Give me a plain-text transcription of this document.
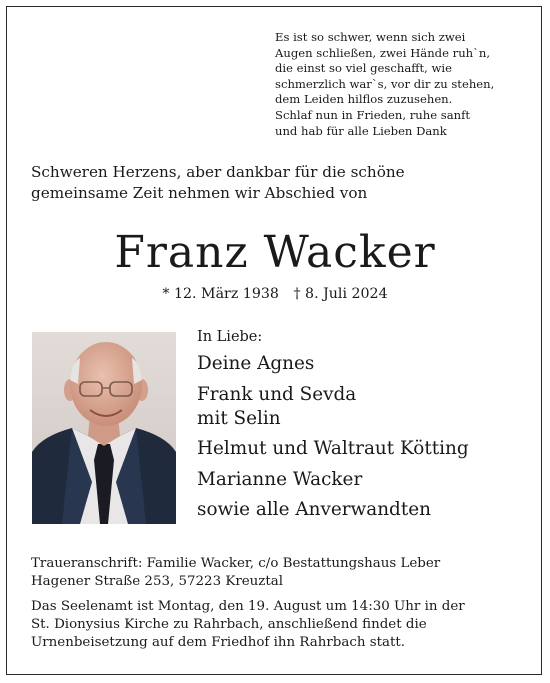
Es ist so schwer, wenn sich zwei
Augen schließen, zwei Hände ruh`n,
die einst so viel geschafft, wie
schmerzlich war`s, vor dir zu stehen,
dem Leiden hilflos zuzusehen.
Schlaf nun in Frieden, ruhe sanft
und hab für alle Lieben Dank
Schweren Herzens, aber dankbar für die schöne
gemeinsame Zeit nehmen wir Abschied von
Franz Wacker
* 12. März 1938 † 8. Juli 2024
In Liebe:
Deine Agnes
Frank und Sevda
mit Selin
Helmut und Waltraut Kötting
Marianne Wacker
sowie alle Anverwandten
Traueranschrift: Familie Wacker, c/o Bestattungshaus Leber
Hagener Straße 253, 57223 Kreuztal
Das Seelenamt ist Montag, den 19. August um 14:30 Uhr in der
St. Dionysius Kirche zu Rahrbach, anschließend findet die
Urnenbeisetzung auf dem Friedhof ihn Rahrbach statt.
